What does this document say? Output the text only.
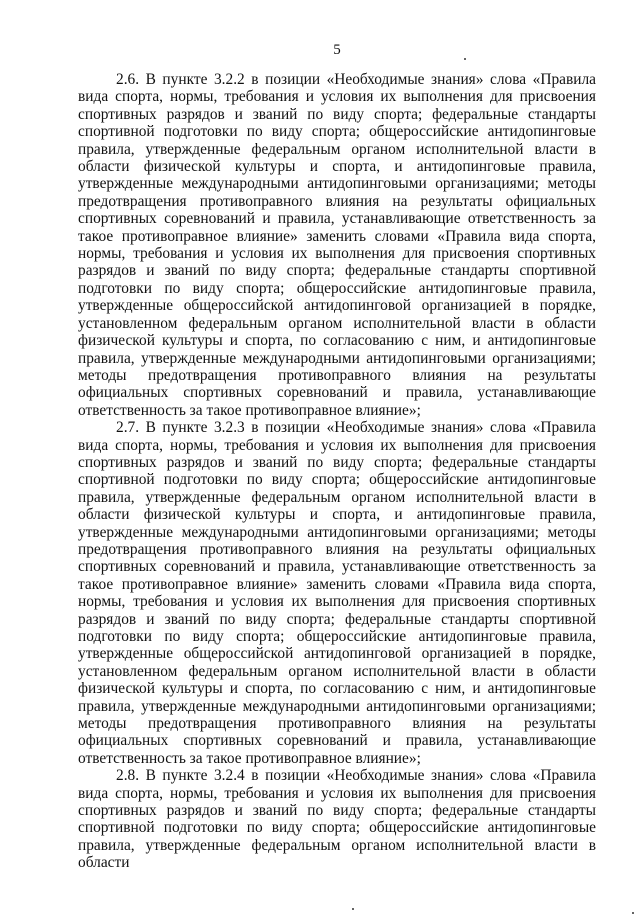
5

2.6. В пункте 3.2.2 в позиции «Необходимые знания» слова «Правила вида спорта, нормы, требования и условия их выполнения для присвоения спортивных разрядов и званий по виду спорта; федеральные стандарты спортивной подготовки по виду спорта; общероссийские антидопинговые правила, утвержденные федеральным органом исполнительной власти в области физической культуры и спорта, и антидопинговые правила, утвержденные международными антидопинговыми организациями; методы предотвращения противоправного влияния на результаты официальных спортивных соревнований и правила, устанавливающие ответственность за такое противоправное влияние» заменить словами «Правила вида спорта, нормы, требования и условия их выполнения для присвоения спортивных разрядов и званий по виду спорта; федеральные стандарты спортивной подготовки по виду спорта; общероссийские антидопинговые правила, утвержденные общероссийской антидопинговой организацией в порядке, установленном федеральным органом исполнительной власти в области физической культуры и спорта, по согласованию с ним, и антидопинговые правила, утвержденные международными антидопинговыми организациями; методы предотвращения противоправного влияния на результаты официальных спортивных соревнований и правила, устанавливающие ответственность за такое противоправное влияние»;

2.7. В пункте 3.2.3 в позиции «Необходимые знания» слова «Правила вида спорта, нормы, требования и условия их выполнения для присвоения спортивных разрядов и званий по виду спорта; федеральные стандарты спортивной подготовки по виду спорта; общероссийские антидопинговые правила, утвержденные федеральным органом исполнительной власти в области физической культуры и спорта, и антидопинговые правила, утвержденные международными антидопинговыми организациями; методы предотвращения противоправного влияния на результаты официальных спортивных соревнований и правила, устанавливающие ответственность за такое противоправное влияние» заменить словами «Правила вида спорта, нормы, требования и условия их выполнения для присвоения спортивных разрядов и званий по виду спорта; федеральные стандарты спортивной подготовки по виду спорта; общероссийские антидопинговые правила, утвержденные общероссийской антидопинговой организацией в порядке, установленном федеральным органом исполнительной власти в области физической культуры и спорта, по согласованию с ним, и антидопинговые правила, утвержденные международными антидопинговыми организациями; методы предотвращения противоправного влияния на результаты официальных спортивных соревнований и правила, устанавливающие ответственность за такое противоправное влияние»;

2.8. В пункте 3.2.4 в позиции «Необходимые знания» слова «Правила вида спорта, нормы, требования и условия их выполнения для присвоения спортивных разрядов и званий по виду спорта; федеральные стандарты спортивной подготовки по виду спорта; общероссийские антидопинговые правила, утвержденные федеральным органом исполнительной власти в области
